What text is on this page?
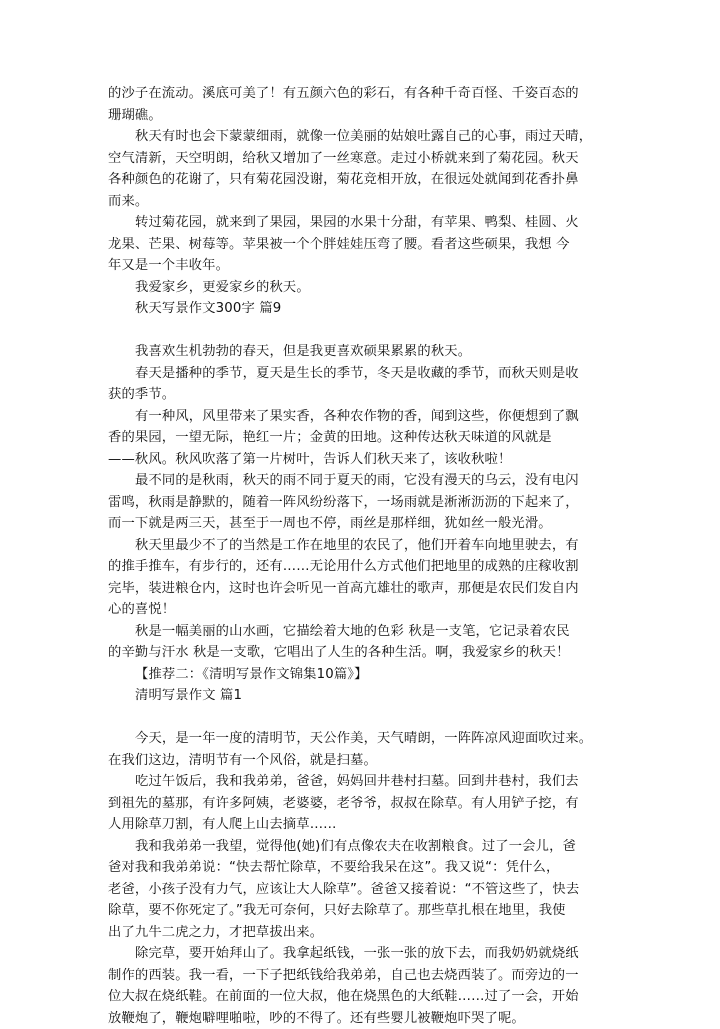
的沙子在流动。溪底可美了！有五颜六色的彩石，有各种千奇百怪、千姿百态的
珊瑚礁。
秋天有时也会下蒙蒙细雨，就像一位美丽的姑娘吐露自己的心事，雨过天晴，
空气清新，天空明朗，给秋又增加了一丝寒意。走过小桥就来到了菊花园。秋天
各种颜色的花谢了，只有菊花园没谢，菊花竞相开放，在很远处就闻到花香扑鼻
而来。
转过菊花园，就来到了果园，果园的水果十分甜，有苹果、鸭梨、桂圆、火
龙果、芒果、树莓等。苹果被一个个胖娃娃压弯了腰。看者这些硕果，我想 今
年又是一个丰收年。
我爱家乡，更爱家乡的秋天。
秋天写景作文300字 篇9
我喜欢生机勃勃的春天，但是我更喜欢硕果累累的秋天。
春天是播种的季节，夏天是生长的季节，冬天是收藏的季节，而秋天则是收
获的季节。
有一种风，风里带来了果实香，各种农作物的香，闻到这些，你便想到了飘
香的果园，一望无际，艳红一片；金黄的田地。这种传达秋天味道的风就是
——秋风。秋风吹落了第一片树叶，告诉人们秋天来了，该收秋啦！
最不同的是秋雨，秋天的雨不同于夏天的雨，它没有漫天的乌云，没有电闪
雷鸣，秋雨是静默的，随着一阵风纷纷落下，一场雨就是淅淅沥沥的下起来了，
而一下就是两三天，甚至于一周也不停，雨丝是那样细，犹如丝一般光滑。
秋天里最少不了的当然是工作在地里的农民了，他们开着车向地里驶去，有
的推手推车，有步行的，还有……无论用什么方式他们把地里的成熟的庄稼收割
完毕，装进粮仓内，这时也许会听见一首高亢雄壮的歌声，那便是农民们发自内
心的喜悦！
秋是一幅美丽的山水画，它描绘着大地的色彩 秋是一支笔，它记录着农民
的辛勤与汗水 秋是一支歌，它唱出了人生的各种生活。啊，我爱家乡的秋天！
【推荐二：《清明写景作文锦集10篇》】
清明写景作文 篇1
今天，是一年一度的清明节，天公作美，天气晴朗，一阵阵凉风迎面吹过来。
在我们这边，清明节有一个风俗，就是扫墓。
吃过午饭后，我和我弟弟，爸爸，妈妈回井巷村扫墓。回到井巷村，我们去
到祖先的墓那，有许多阿姨，老婆婆，老爷爷，叔叔在除草。有人用铲子挖，有
人用除草刀割，有人爬上山去摘草……
我和我弟弟一我望，觉得他(她)们有点像农夫在收割粮食。过了一会儿，爸
爸对我和我弟弟说：“快去帮忙除草，不要给我呆在这”。我又说“：凭什么，
老爸，小孩子没有力气，应该让大人除草”。爸爸又接着说：“不管这些了，快去
除草，要不你死定了。”我无可奈何，只好去除草了。那些草扎根在地里，我使
出了九牛二虎之力，才把草拔出来。
除完草，要开始拜山了。我拿起纸钱，一张一张的放下去，而我奶奶就烧纸
制作的西装。我一看，一下子把纸钱给我弟弟，自己也去烧西装了。而旁边的一
位大叔在烧纸鞋。在前面的一位大叔，他在烧黑色的大纸鞋……过了一会，开始
放鞭炮了，鞭炮噼哩啪啦，吵的不得了。还有些婴儿被鞭炮吓哭了呢。
